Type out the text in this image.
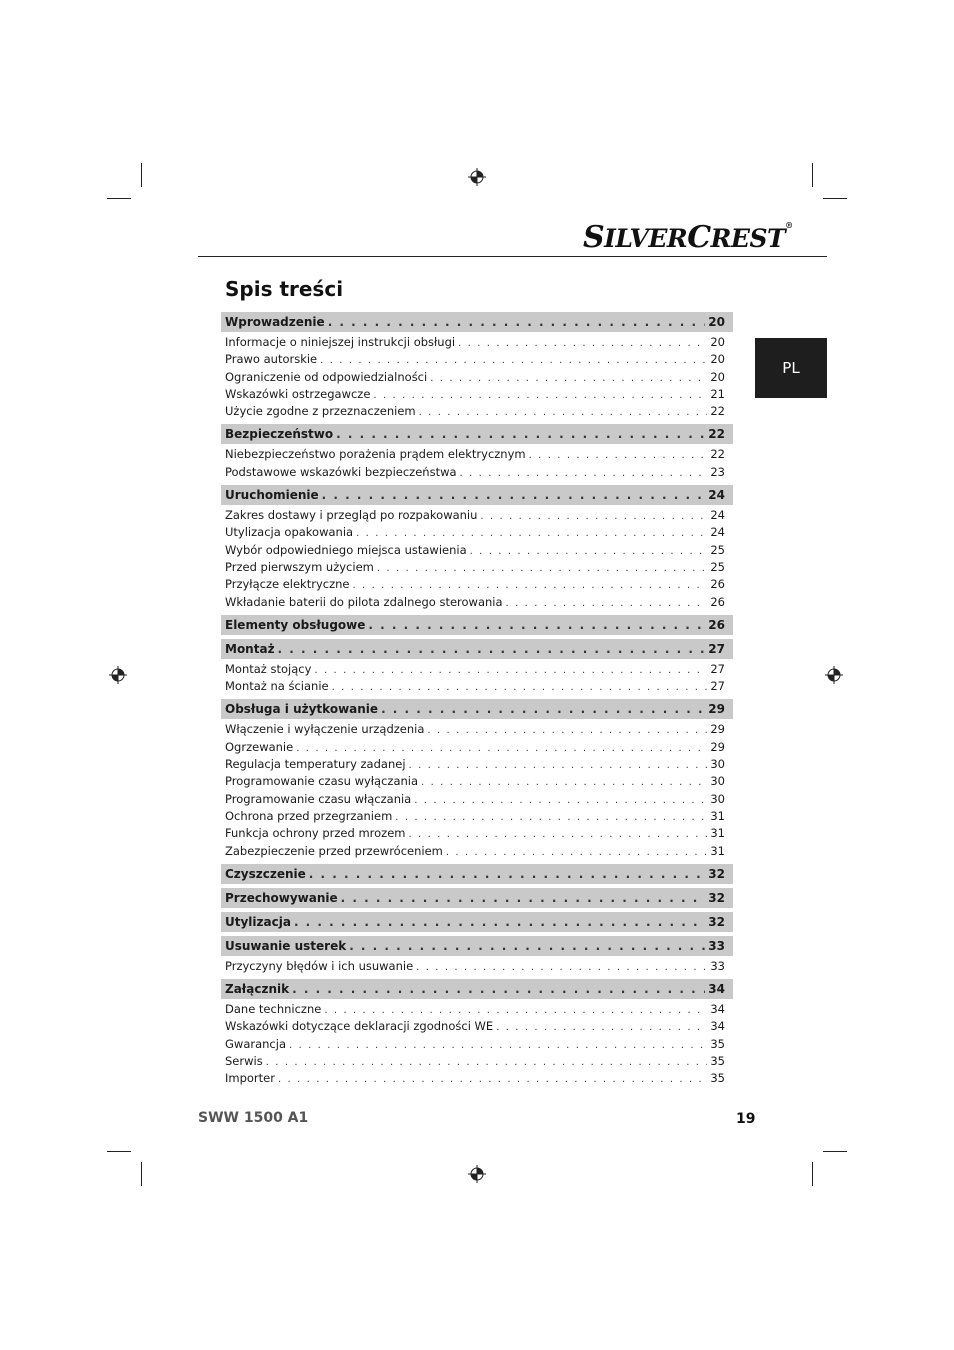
SILVERCREST®
PL
Spis treści
Wprowadzenie . . .	20
Informacje o niniejszej instrukcji obsługi . . .	20
Prawo autorskie . . .	20
Ograniczenie od odpowiedzialności . . .	20
Wskazówki ostrzegawcze . . .	21
Użycie zgodne z przeznaczeniem . . .	22
Bezpieczeństwo . . .	22
Niebezpieczeństwo porażenia prądem elektrycznym . . .	22
Podstawowe wskazówki bezpieczeństwa . . .	23
Uruchomienie . . .	24
Zakres dostawy i przegląd po rozpakowaniu . . .	24
Utylizacja opakowania . . .	24
Wybór odpowiedniego miejsca ustawienia . . .	25
Przed pierwszym użyciem . . .	25
Przyłącze elektryczne . . .	26
Wkładanie baterii do pilota zdalnego sterowania . . .	26
Elementy obsługowe . . .	26
Montaż . . .	27
Montaż stojący . . .	27
Montaż na ścianie . . .	27
Obsługa i użytkowanie . . .	29
Włączenie i wyłączenie urządzenia . . .	29
Ogrzewanie . . .	29
Regulacja temperatury zadanej . . .	30
Programowanie czasu wyłączania . . .	30
Programowanie czasu włączania . . .	30
Ochrona przed przegrzaniem . . .	31
Funkcja ochrony przed mrozem . . .	31
Zabezpieczenie przed przewróceniem . . .	31
Czyszczenie . . .	32
Przechowywanie . . .	32
Utylizacja . . .	32
Usuwanie usterek . . .	33
Przyczyny błędów i ich usuwanie . . .	33
Załącznik . . .	34
Dane techniczne . . .	34
Wskazówki dotyczące deklaracji zgodności WE . . .	34
Gwarancja . . .	35
Serwis . . .	35
Importer . . .	35
SWW 1500 A1	19
